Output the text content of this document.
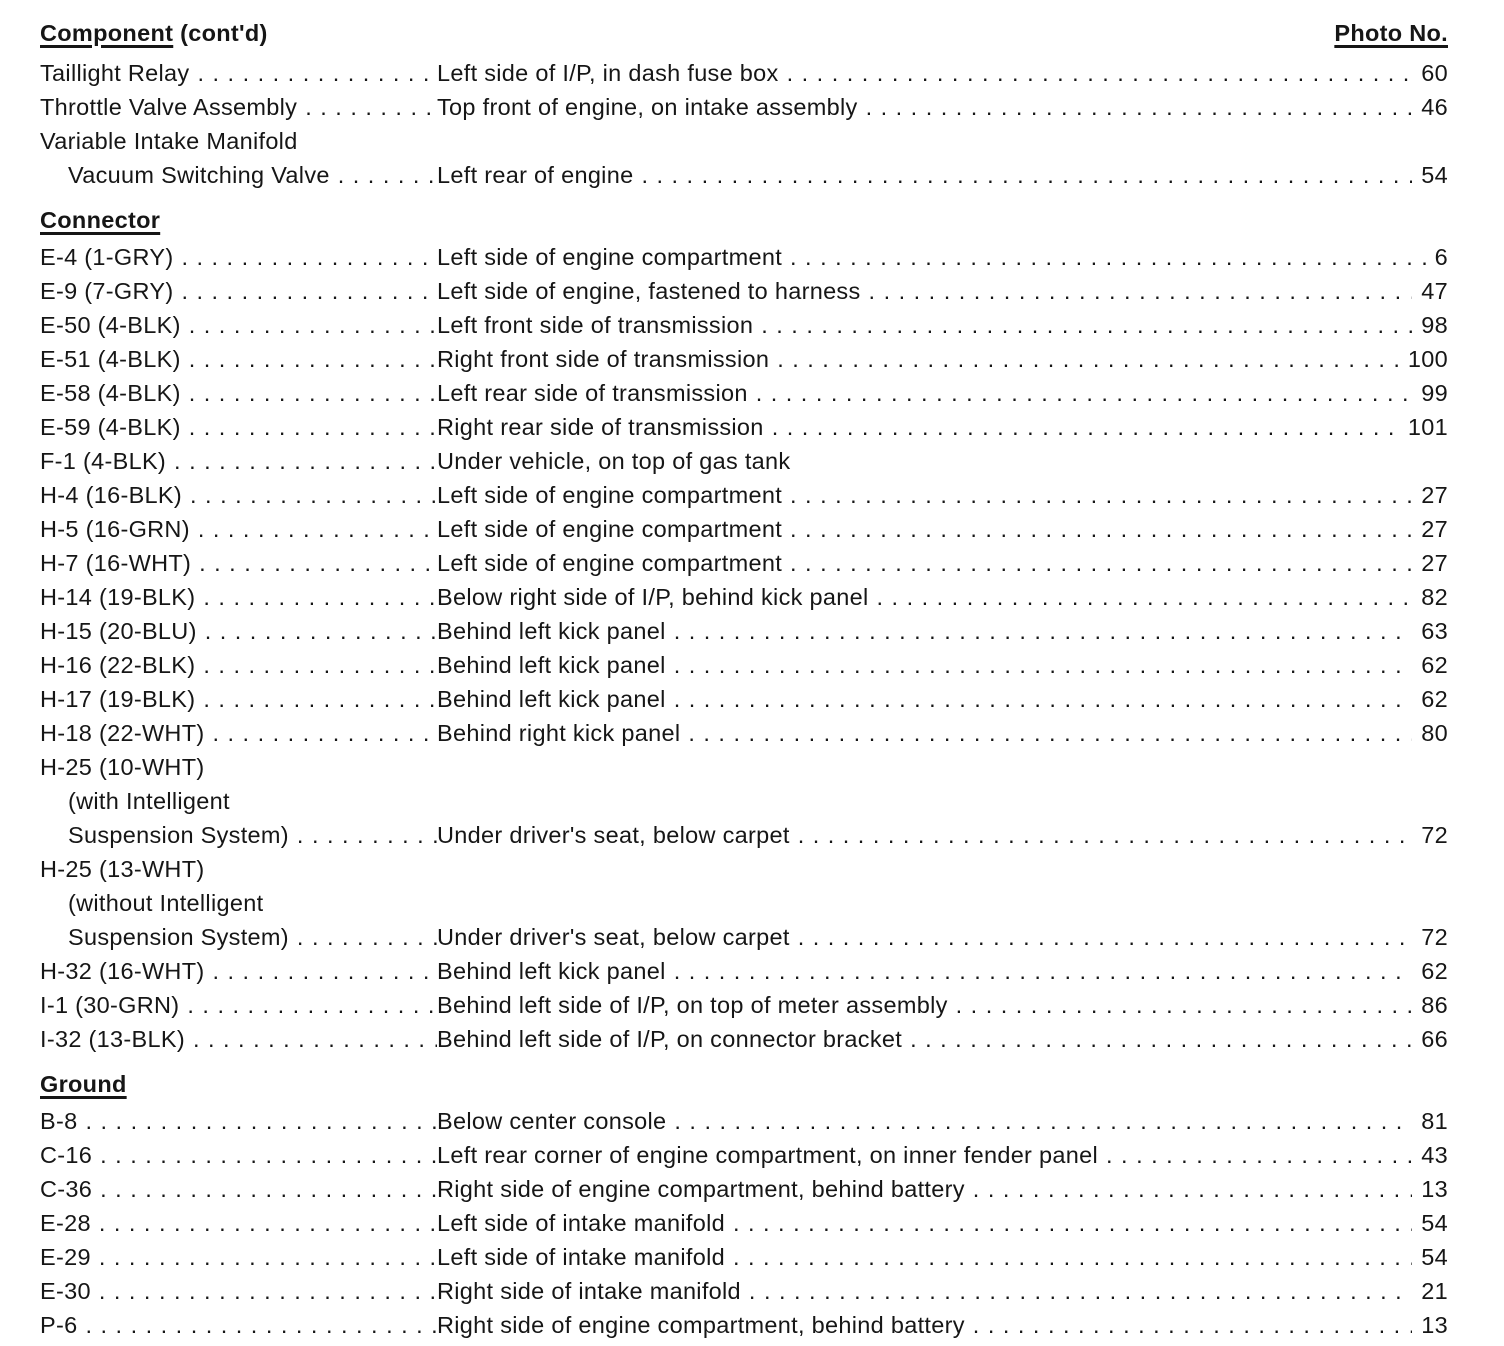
Component (cont'd)	Photo No.
Taillight Relay .....	Left side of I/P, in dash fuse box .....	60
Throttle Valve Assembly .....	Top front of engine, on intake assembly .....	46
Variable Intake Manifold
Vacuum Switching Valve .....	Left rear of engine .....	54
Connector
E-4 (1-GRY) .....	Left side of engine compartment .....	6
E-9 (7-GRY) .....	Left side of engine, fastened to harness .....	47
E-50 (4-BLK) .....	Left front side of transmission .....	98
E-51 (4-BLK) .....	Right front side of transmission .....	100
E-58 (4-BLK) .....	Left rear side of transmission .....	99
E-59 (4-BLK) .....	Right rear side of transmission .....	101
F-1 (4-BLK) .....	Under vehicle, on top of gas tank
H-4 (16-BLK) .....	Left side of engine compartment .....	27
H-5 (16-GRN) .....	Left side of engine compartment .....	27
H-7 (16-WHT) .....	Left side of engine compartment .....	27
H-14 (19-BLK) .....	Below right side of I/P, behind kick panel .....	82
H-15 (20-BLU) .....	Behind left kick panel .....	63
H-16 (22-BLK) .....	Behind left kick panel .....	62
H-17 (19-BLK) .....	Behind left kick panel .....	62
H-18 (22-WHT) .....	Behind right kick panel .....	80
H-25 (10-WHT)
(with Intelligent
Suspension System) .....	Under driver's seat, below carpet .....	72
H-25 (13-WHT)
(without Intelligent
Suspension System) .....	Under driver's seat, below carpet .....	72
H-32 (16-WHT) .....	Behind left kick panel .....	62
I-1 (30-GRN) .....	Behind left side of I/P, on top of meter assembly .....	86
I-32 (13-BLK) .....	Behind left side of I/P, on connector bracket .....	66
Ground
B-8 .....	Below center console .....	81
C-16 .....	Left rear corner of engine compartment, on inner fender panel .....	43
C-36 .....	Right side of engine compartment, behind battery .....	13
E-28 .....	Left side of intake manifold .....	54
E-29 .....	Left side of intake manifold .....	54
E-30 .....	Right side of intake manifold .....	21
P-6 .....	Right side of engine compartment, behind battery .....	13
